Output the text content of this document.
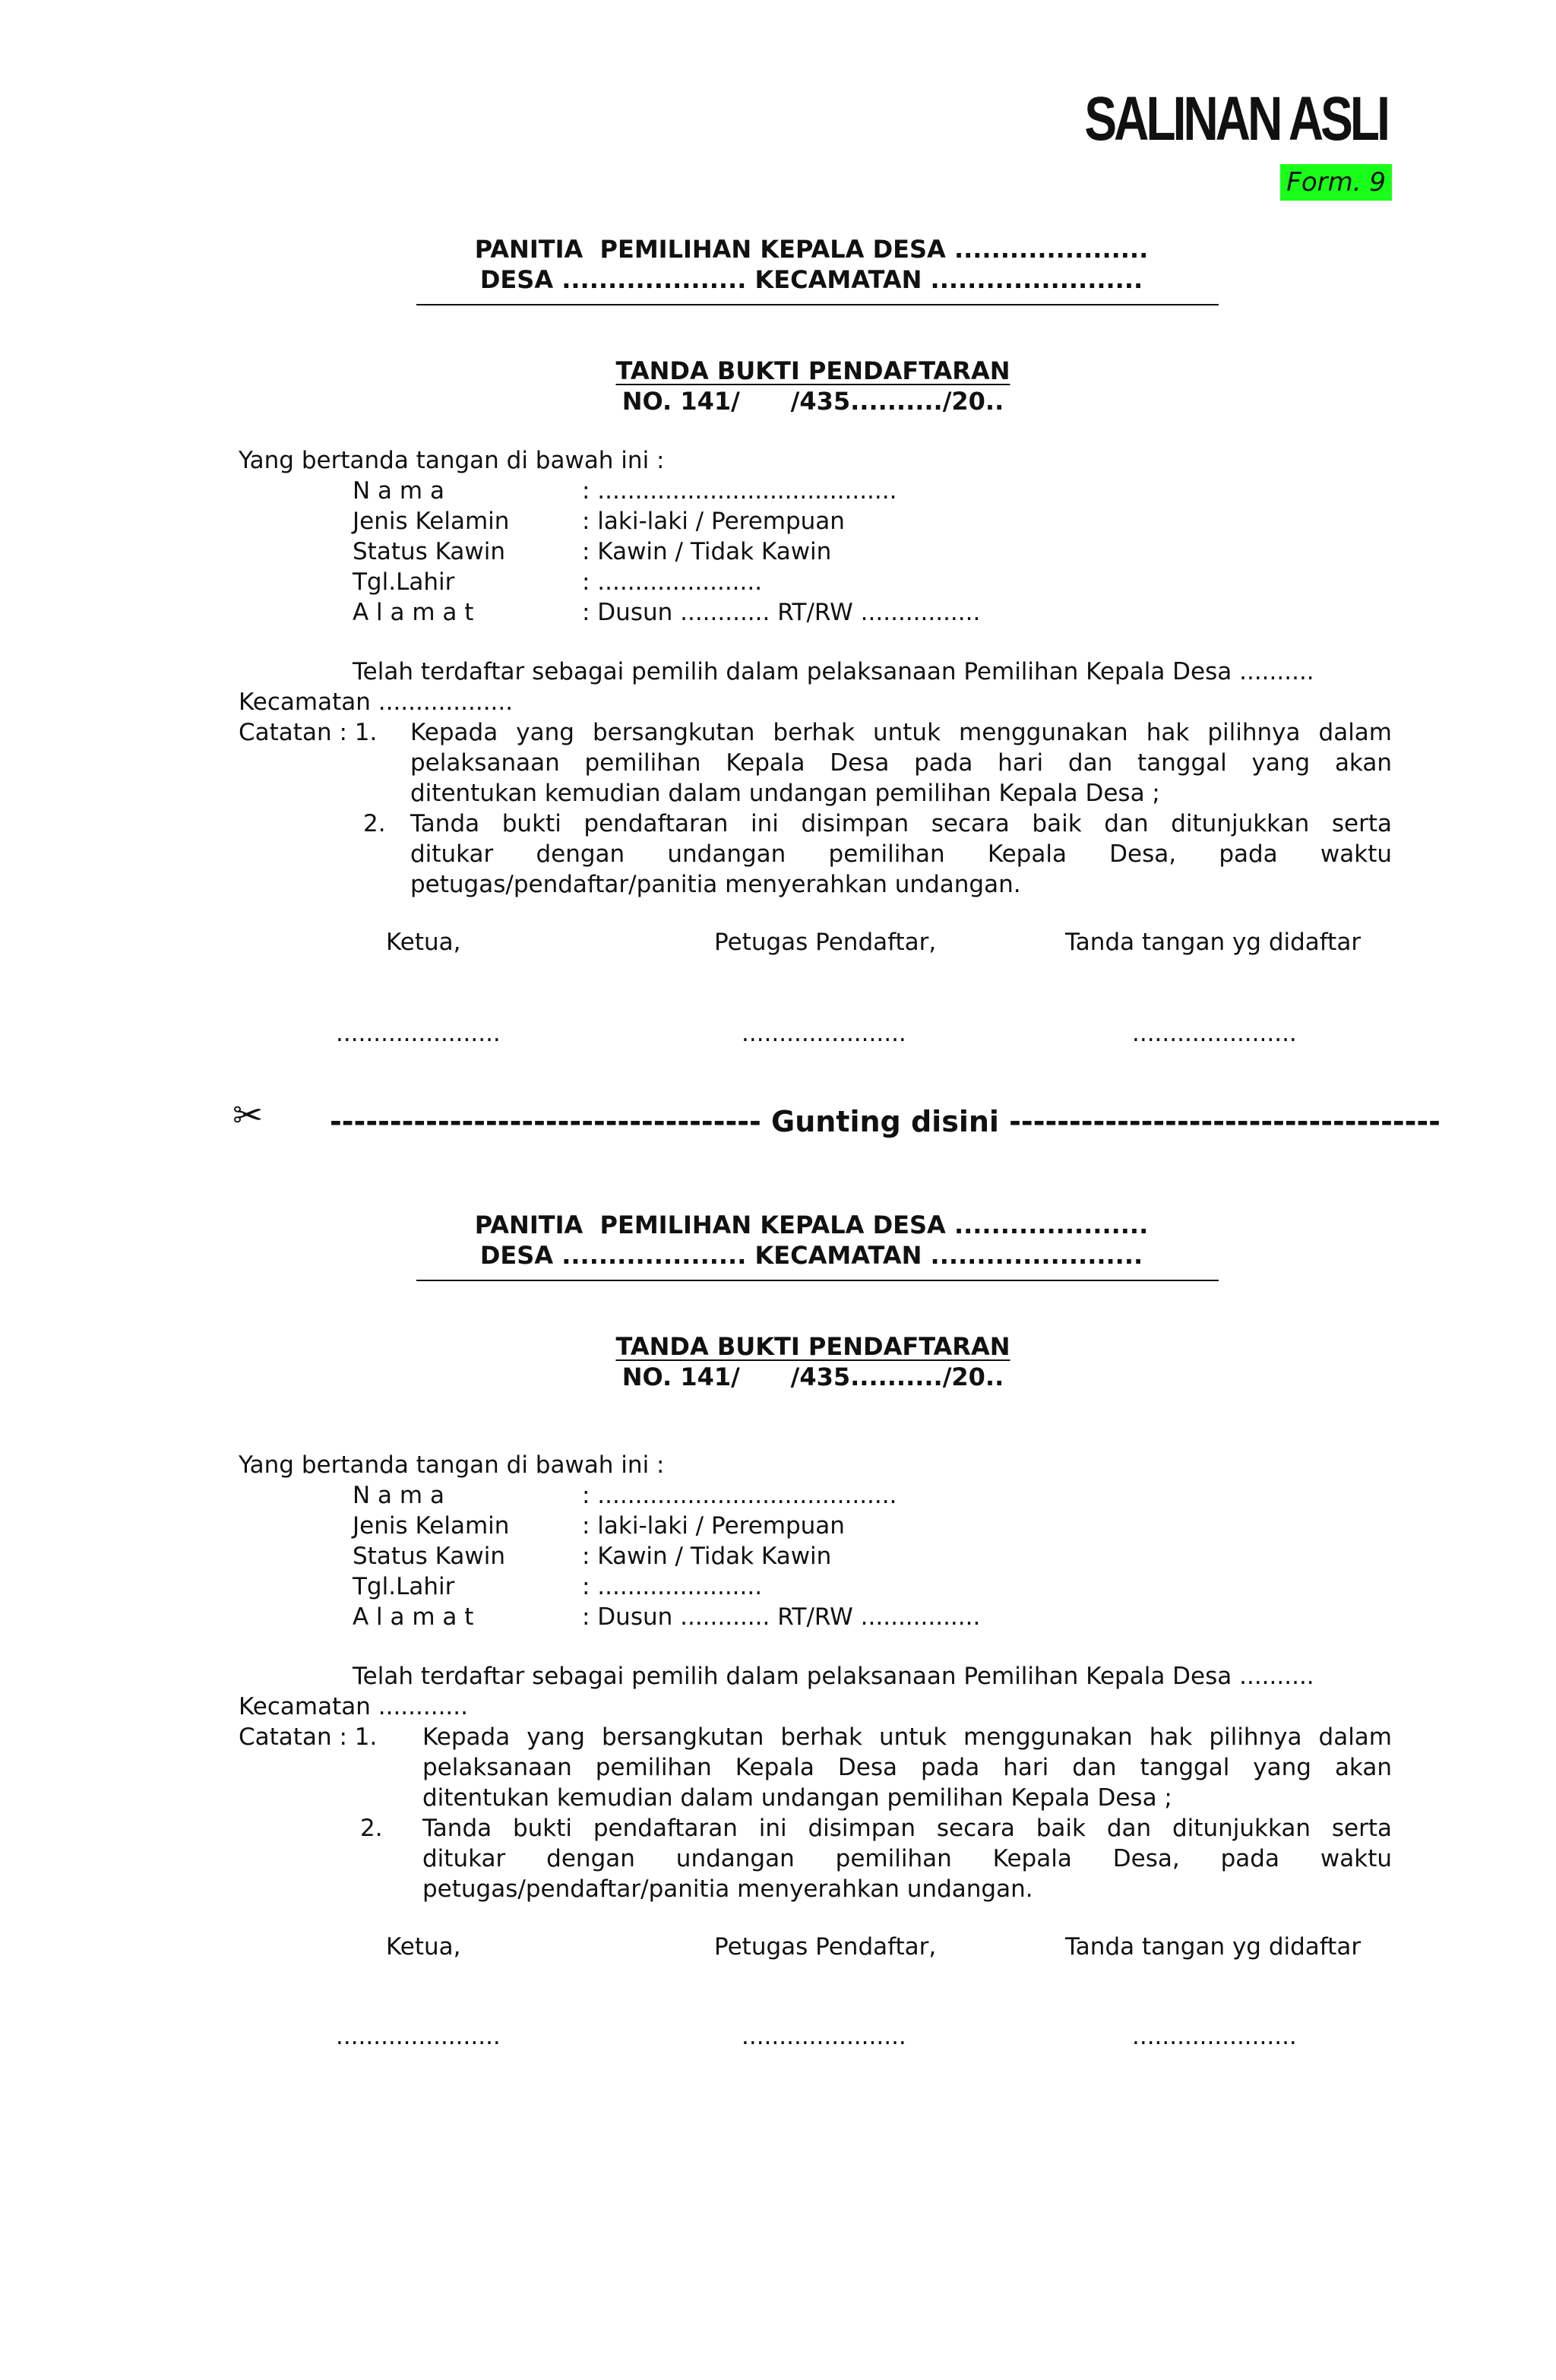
SALINAN ASLI
Form. 9
PANITIA  PEMILIHAN KEPALA DESA .....................
DESA .................... KECAMATAN .......................
TANDA BUKTI PENDAFTARAN
NO. 141/      /435........../20..
Yang bertanda tangan di bawah ini :
N a m a	: ........................................
Jenis Kelamin	: laki-laki / Perempuan
Status Kawin	: Kawin / Tidak Kawin
Tgl.Lahir	: ......................
A l a m a t	: Dusun ............ RT/RW ................
Telah terdaftar sebagai pemilih dalam pelaksanaan Pemilihan Kepala Desa ..........
Kecamatan ..................
Catatan : 1. Kepada yang bersangkutan berhak untuk menggunakan hak pilihnya dalam
pelaksanaan pemilihan Kepala Desa pada hari dan tanggal yang akan
ditentukan kemudian dalam undangan pemilihan Kepala Desa ;
2. Tanda bukti pendaftaran ini disimpan secara baik dan ditunjukkan serta
ditukar dengan undangan pemilihan Kepala Desa, pada waktu
petugas/pendaftar/panitia menyerahkan undangan.
Ketua,	Petugas Pendaftar,	Tanda tangan yg didaftar
......................	......................	......................
✂ ------------------------------------ Gunting disini ------------------------------------
PANITIA  PEMILIHAN KEPALA DESA .....................
DESA .................... KECAMATAN .......................
TANDA BUKTI PENDAFTARAN
NO. 141/      /435........../20..
Yang bertanda tangan di bawah ini :
N a m a	: ........................................
Jenis Kelamin	: laki-laki / Perempuan
Status Kawin	: Kawin / Tidak Kawin
Tgl.Lahir	: ......................
A l a m a t	: Dusun ............ RT/RW ................
Telah terdaftar sebagai pemilih dalam pelaksanaan Pemilihan Kepala Desa ..........
Kecamatan ............
Catatan : 1. Kepada yang bersangkutan berhak untuk menggunakan hak pilihnya dalam
pelaksanaan pemilihan Kepala Desa pada hari dan tanggal yang akan
ditentukan kemudian dalam undangan pemilihan Kepala Desa ;
2. Tanda bukti pendaftaran ini disimpan secara baik dan ditunjukkan serta
ditukar dengan undangan pemilihan Kepala Desa, pada waktu
petugas/pendaftar/panitia menyerahkan undangan.
Ketua,	Petugas Pendaftar,	Tanda tangan yg didaftar
......................	......................	......................
